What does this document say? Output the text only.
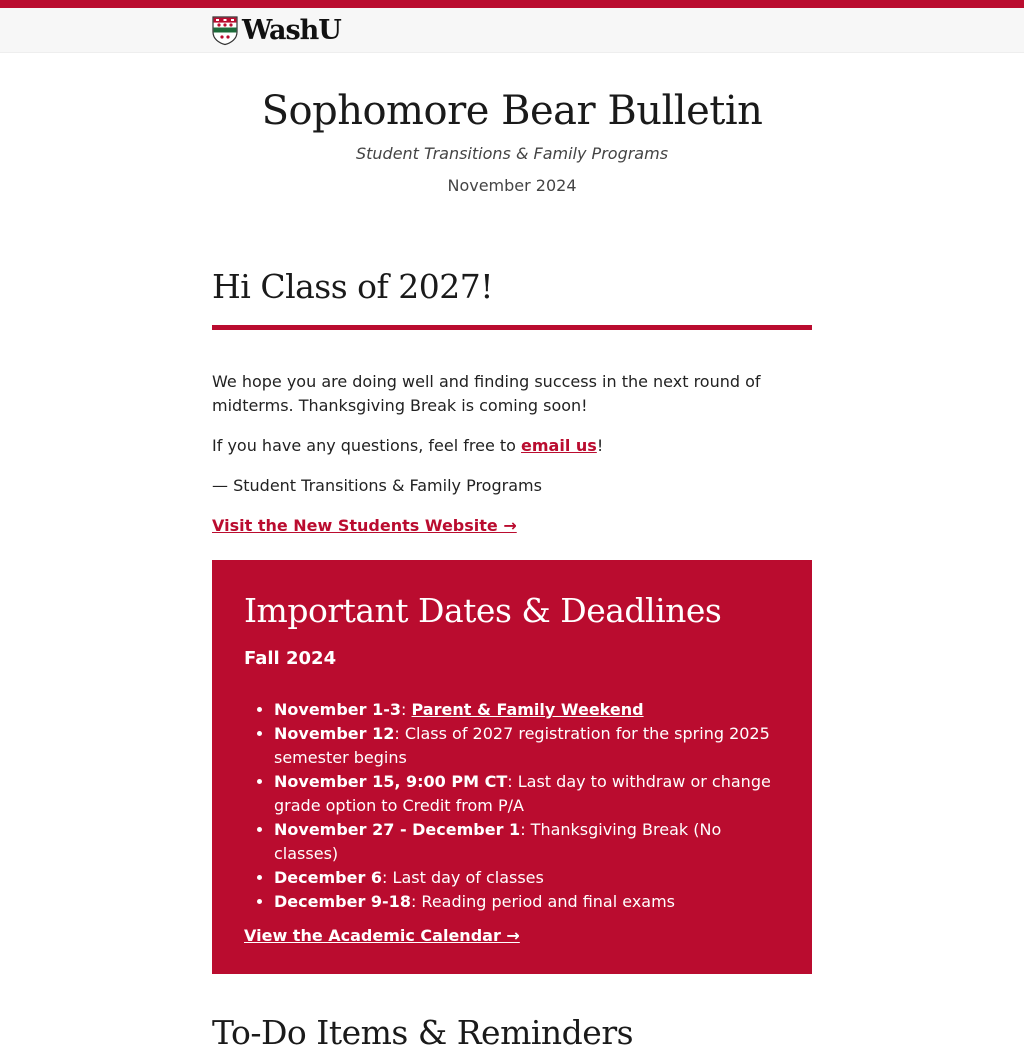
WashU
Sophomore Bear Bulletin
Student Transitions & Family Programs
November 2024
Hi Class of 2027!

We hope you are doing well and finding success in the next round of midterms. Thanksgiving Break is coming soon!

If you have any questions, feel free to email us!

— Student Transitions & Family Programs

Visit the New Students Website →

Important Dates & Deadlines
Fall 2024
• November 1-3: Parent & Family Weekend
• November 12: Class of 2027 registration for the spring 2025 semester begins
• November 15, 9:00 PM CT: Last day to withdraw or change grade option to Credit from P/A
• November 27 - December 1: Thanksgiving Break (No classes)
• December 6: Last day of classes
• December 9-18: Reading period and final exams
View the Academic Calendar →
To-Do Items & Reminders
